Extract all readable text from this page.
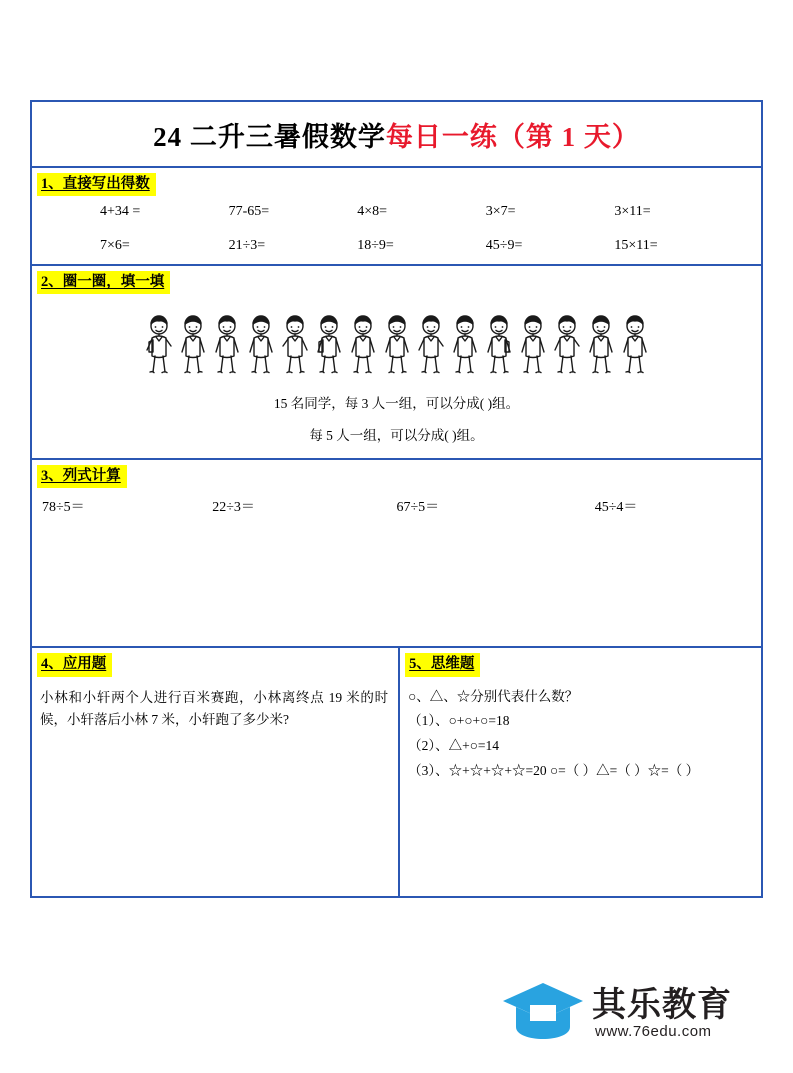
24 二升三暑假数学每日一练（第 1 天）
1、直接写出得数
4+34 =	77-65=	4×8=	3×7=	3×11=
7×6=	21÷3=	18÷9=	45÷9=	15×11=
2、圈一圈，填一填
15 名同学，每 3 人一组，可以分成( )组。
每 5 人一组，可以分成( )组。
3、列式计算
78÷5＝	22÷3＝	67÷5＝	45÷4＝
4、应用题
小林和小轩两个人进行百米赛跑，小林离终点 19 米的时候，小轩落后小林 7 米，小轩跑了多少米?
5、思维题
○、△、☆分别代表什么数？
（1）、○+○+○=18
（2）、△+○=14
（3）、☆+☆+☆+☆=20 ○=（ ）△=（ ）☆=（ ）
其乐教育
www.76edu.com
